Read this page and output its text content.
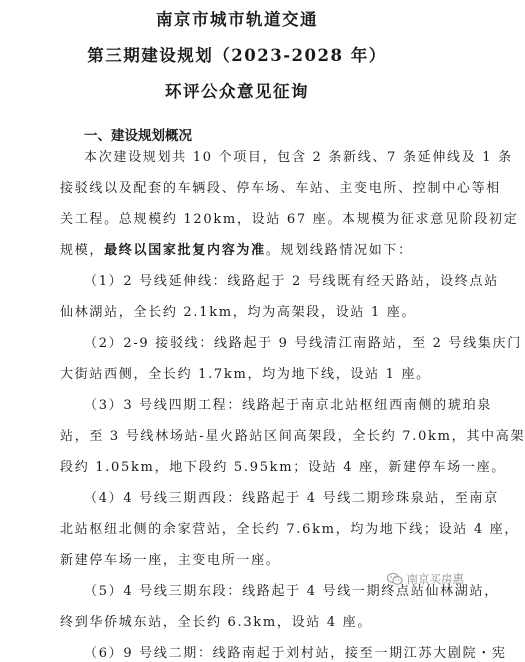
南京市城市轨道交通
第三期建设规划（2023-2028 年）
环评公众意见征询
一、建设规划概况
本次建设规划共 10 个项目，包含 2 条新线、7 条延伸线及 1 条
接驳线以及配套的车辆段、停车场、车站、主变电所、控制中心等相
关工程。总规模约 120km，设站 67 座。本规模为征求意见阶段初定
规模，最终以国家批复内容为准。规划线路情况如下：
（1）2 号线延伸线：线路起于 2 号线既有经天路站，设终点站
仙林湖站，全长约 2.1km，均为高架段，设站 1 座。
（2）2-9 接驳线：线路起于 9 号线清江南路站，至 2 号线集庆门
大街站西侧，全长约 1.7km，均为地下线，设站 1 座。
（3）3 号线四期工程：线路起于南京北站枢纽西南侧的琥珀泉
站，至 3 号线林场站-星火路站区间高架段，全长约 7.0km，其中高架
段约 1.05km，地下段约 5.95km；设站 4 座，新建停车场一座。
（4）4 号线三期西段：线路起于 4 号线二期珍珠泉站，至南京
北站枢纽北侧的余家营站，全长约 7.6km，均为地下线；设站 4 座，
新建停车场一座，主变电所一座。
（5）4 号线三期东段：线路起于 4 号线一期终点站仙林湖站，
终到华侨城东站，全长约 6.3km，设站 4 座。
（6）9 号线二期：线路南起于刘村站，接至一期江苏大剧院・宪
南京买房惠
